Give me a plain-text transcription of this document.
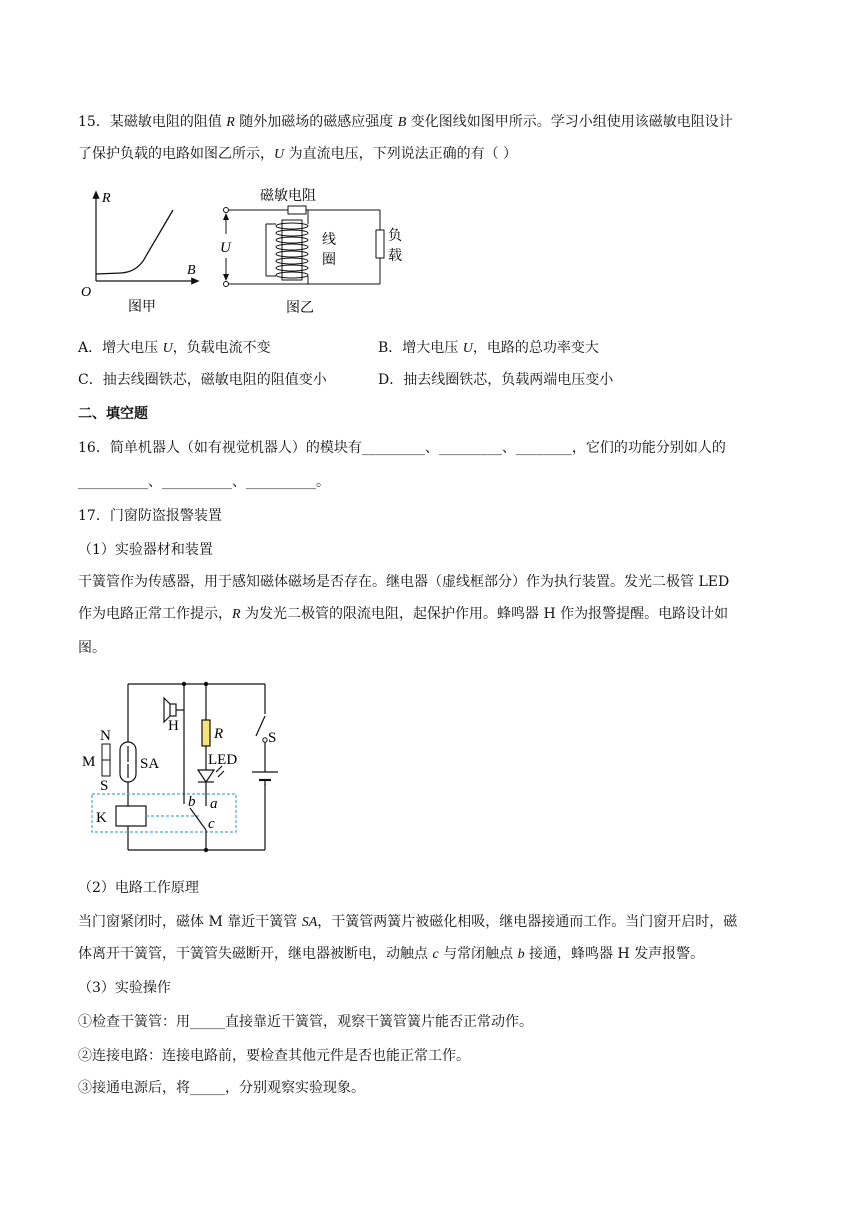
15．某磁敏电阻的阻值 R 随外加磁场的磁感应强度 B 变化图线如图甲所示。学习小组使用该磁敏电阻设计
了保护负载的电路如图乙所示，U 为直流电压，下列说法正确的有（ ）
R
B
O
图甲
磁敏电阻
负
载
U	线
圈
图乙
A．增大电压 U，负载电流不变	B．增大电压 U，电路的总功率变大
C．抽去线圈铁芯，磁敏电阻的阻值变小	D．抽去线圈铁芯，负载两端电压变小
二、填空题
16．简单机器人（如有视觉机器人）的模块有_________、_________、________，它们的功能分别如人的
__________、__________、__________。
17．门窗防盗报警装置
（1）实验器材和装置
干簧管作为传感器，用于感知磁体磁场是否存在。继电器（虚线框部分）作为执行装置。发光二极管 LED
作为电路正常工作提示，R 为发光二极管的限流电阻，起保护作用。蜂鸣器 H 作为报警提醒。电路设计如
图。
N
M
S
SA
K
H R
LED
a
b
c
S
（2）电路工作原理
当门窗紧闭时，磁体 M 靠近干簧管 SA，干簧管两簧片被磁化相吸，继电器接通而工作。当门窗开启时，磁
体离开干簧管，干簧管失磁断开，继电器被断电，动触点 c 与常闭触点 b 接通，蜂鸣器 H 发声报警。
（3）实验操作
①检查干簧管：用_____直接靠近干簧管，观察干簧管簧片能否正常动作。
②连接电路：连接电路前，要检查其他元件是否也能正常工作。
③接通电源后，将_____，分别观察实验现象。
